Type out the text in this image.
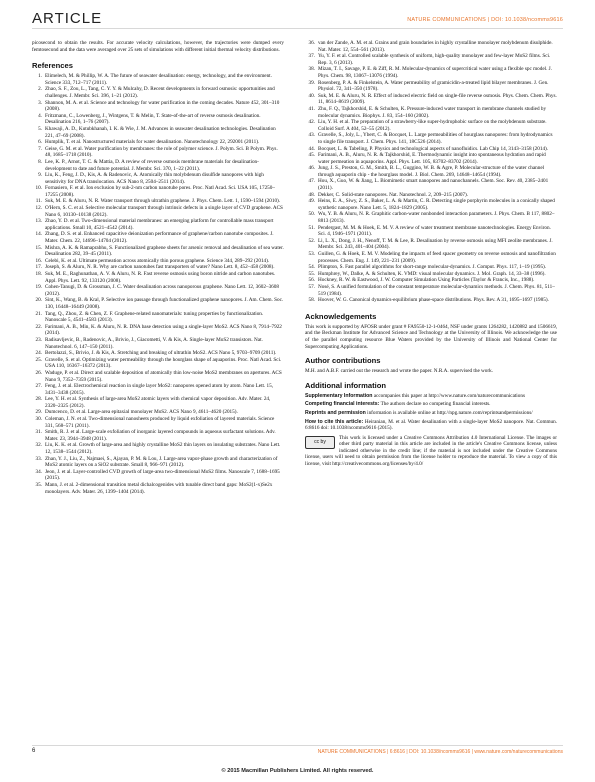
ARTICLE	NATURE COMMUNICATIONS | DOI: 10.1038/ncomms9616

picosecond to obtain the results. For accurate velocity calculations, however, the trajectories were dumped every femtosecond and the data were averaged over 25 sets of simulations with different initial thermal velocity distributions.

References
1. Elimelech, M. & Phillip, W. A. The future of seawater desalination: energy, technology, and the environment. Science 333, 712–717 (2011).
2. Zhao, S. F., Zou, L., Tang, C. Y. Y. & Mulcahy, D. Recent developments in forward osmosis: opportunities and challenges. J. Membr. Sci. 396, 1–21 (2012).
3. Shannon, M. A. et al. Science and technology for water purification in the coming decades. Nature 452, 301–310 (2008).
4. Fritzmann, C., Lowenberg, J., Wintgens, T. & Melin, T. State-of-the-art of reverse osmosis desalination. Desalination 216, 1–76 (2007).
5. Khawaji, A. D., Kutubkhanah, I. K. & Wie, J. M. Advances in seawater desalination technologies. Desalination 221, 47–69 (2008).
6. Humplik, T. et al. Nanostructured materials for water desalination. Nanotechnology 22, 292001 (2011).
7. Geise, G. M. et al. Water purification by membranes: the role of polymer science. J. Polym. Sci. B Polym. Phys. 48, 1685–1718 (2010).
8. Lee, K. P., Arnot, T. C. & Mattia, D. A review of reverse osmosis membrane materials for desalination-development to date and future potential. J. Membr. Sci. 370, 1–22 (2011).
9. Liu, K., Feng, J. D., Kis, A. & Radenovic, A. Atomically thin molybdenum disulfide nanopores with high sensitivity for DNA translocation. ACS Nano 8, 2504–2511 (2014).
10. Fornasiero, F. et al. Ion exclusion by sub-2-nm carbon nanotube pores. Proc. Natl Acad. Sci. USA 105, 17250–17255 (2008).
11. Suk, M. E. & Aluru, N. R. Water transport through ultrathin graphene. J. Phys. Chem. Lett. 1, 1590–1594 (2010).
12. O'Hern, S. C. et al. Selective molecular transport through intrinsic defects in a single layer of CVD graphene. ACS Nano 6, 10130–10138 (2012).
13. Zhao, Y. D. et al. Two-dimensional material membranes: an emerging platform for controllable mass transport applications. Small 10, 4521–4542 (2014).
14. Zhang, D. S. et al. Enhanced capacitive deionization performance of graphene/carbon nanotube composites. J. Mater. Chem. 22, 14696–14704 (2012).
15. Mishra, A. K. & Ramaprabhu, S. Functionalized graphene sheets for arsenic removal and desalination of sea water. Desalination 282, 39–45 (2011).
16. Celebi, K. et al. Ultimate permeation across atomically thin porous graphene. Science 344, 289–292 (2014).
17. Joseph, S. & Aluru, N. R. Why are carbon nanotubes fast transporters of water? Nano Lett. 8, 452–458 (2008).
18. Suk, M. E., Raghunathan, A. V. & Aluru, N. R. Fast reverse osmosis using boron nitride and carbon nanotubes. Appl. Phys. Lett. 92, 133120 (2008).
19. Cohen-Tanugi, D. & Grossman, J. C. Water desalination across nanoporous graphene. Nano Lett. 12, 3602–3608 (2012).
20. Sint, K., Wang, B. & Kral, P. Selective ion passage through functionalized graphene nanopores. J. Am. Chem. Soc. 130, 16448–16449 (2008).
21. Tang, Q., Zhou, Z. & Chen, Z. F. Graphene-related nanomaterials: tuning properties by functionalization. Nanoscale 5, 4541–4583 (2013).
22. Farimani, A. B., Min, K. & Aluru, N. R. DNA base detection using a single-layer MoS2. ACS Nano 8, 7914–7922 (2014).
23. Radisavljevic, B., Radenovic, A., Brivio, J., Giacometti, V. & Kis, A. Single-layer MoS2 transistors. Nat. Nanotechnol. 6, 147–150 (2011).
24. Bertolazzi, S., Brivio, J. & Kis, A. Stretching and breaking of ultrathin MoS2. ACS Nano 5, 9703–9709 (2011).
25. Gravelle, S. et al. Optimizing water permeability through the hourglass shape of aquaporins. Proc. Natl Acad. Sci. USA 110, 16367–16372 (2013).
26. Waduge, P. et al. Direct and scalable deposition of atomically thin low-noise MoS2 membranes on apertures. ACS Nano 9, 7352–7359 (2015).
27. Feng, J. et al. Electrochemical reaction in single layer MoS2: nanopores opened atom by atom. Nano Lett. 15, 3431–3438 (2015).
28. Lee, Y. H. et al. Synthesis of large-area MoS2 atomic layers with chemical vapor deposition. Adv. Mater. 24, 2320–2325 (2012).
29. Dumcenco, D. et al. Large-area epitaxial monolayer MoS2. ACS Nano 9, 4611–4620 (2015).
30. Coleman, J. N. et al. Two-dimensional nanosheets produced by liquid exfoliation of layered materials. Science 331, 568–571 (2011).
31. Smith, R. J. et al. Large-scale exfoliation of inorganic layered compounds in aqueous surfactant solutions. Adv. Mater. 23, 3944–3948 (2011).
32. Liu, K. K. et al. Growth of large-area and highly crystalline MoS2 thin layers on insulating substrates. Nano Lett. 12, 1538–1544 (2012).
33. Zhan, Y. J., Liu, Z., Najmaei, S., Ajayan, P. M. & Lou, J. Large-area vapor-phase growth and characterization of MoS2 atomic layers on a SiO2 substrate. Small 8, 966–971 (2012).
34. Jeon, J. et al. Layer-controlled CVD growth of large-area two-dimensional MoS2 films. Nanoscale 7, 1688–1695 (2015).
35. Mann, J. et al. 2-dimensional transition metal dichalcogenides with tunable direct band gaps: MoS2(1-x)Se2x monolayers. Adv. Mater. 26, 1399–1404 (2014).
36. van der Zande, A. M. et al. Grains and grain boundaries in highly crystalline monolayer molybdenum disulphide. Nat. Mater. 12, 554–561 (2013).
37. Yu, Y. F. et al. Controlled scalable synthesis of uniform, high-quality monolayer and few-layer MoS2 films. Sci. Rep. 3, 6 (2013).
38. Mizan, T. I., Savage, P. E. & Ziff, R. M. Molecular-dynamics of supercritical water using a flexible spc model. J. Phys. Chem. 98, 13067–13076 (1994).
39. Rosenberg, P. A. & Finkelstein, A. Water permeability of gramicidin-a-treated lipid bilayer membranes. J. Gen. Physiol. 72, 341–350 (1978).
40. Suk, M. E. & Aluru, N. R. Effect of induced electric field on single-file reverse osmosis. Phys. Chem. Chem. Phys. 11, 8614–8619 (2009).
41. Zhu, F. Q., Tajkhorshid, E. & Schulten, K. Pressure-induced water transport in membrane channels studied by molecular dynamics. Biophys. J. 83, 154–160 (2002).
42. Liu, Y. H. et al. The preparation of a strawberry-like super-hydrophobic surface on the molybdenum substrate. Colloid Surf. A 404, 52–55 (2012).
43. Gravelle, S., Joly, L., Ybert, C. & Bocquet, L. Large permeabilities of hourglass nanopores: from hydrodynamics to single file transport. J. Chem. Phys. 141, 18C526 (2014).
44. Bocquet, L. & Tabeling, P. Physics and technological aspects of nanofluidics. Lab Chip 14, 3143–3158 (2014).
45. Farimani, A. B., Aluru, N. R. & Tajkhorshid, E. Thermodynamic insight into spontaneous hydration and rapid water permeation in aquaporins. Appl. Phys. Lett. 105, 83702–83702 (2014).
46. Jung, J. S., Preston, G. M., Smith, B. L., Guggino, W. B. & Agre, P. Molecular-structure of the water channel through aquaporin chip - the hourglass model. J. Biol. Chem. 269, 14648–14654 (1994).
47. Hou, X., Guo, W. & Jiang, L. Biomimetic smart nanopores and nanochannels. Chem. Soc. Rev. 40, 2385–2401 (2011).
48. Dekker, C. Solid-state nanopores. Nat. Nanotechnol. 2, 209–215 (2007).
49. Heins, E. A., Siwy, Z. S., Baker, L. A. & Martin, C. R. Detecting single porphyrin molecules in a conically shaped synthetic nanopore. Nano Lett. 5, 1824–1829 (2005).
50. Wu, Y. B. & Aluru, N. R. Graphitic carbon-water nonbonded interaction parameters. J. Phys. Chem. B 117, 8802–8813 (2013).
51. Pendergast, M. M. & Hoek, E. M. V. A review of water treatment membrane nanotechnologies. Energy Environ. Sci. 4, 1946–1971 (2011).
52. Li, L. X., Dong, J. H., Nenoff, T. M. & Lee, R. Desalination by reverse osmosis using MFI zeolite membranes. J. Membr. Sci. 243, 401–404 (2004).
53. Guillen, G. & Hoek, E. M. V. Modeling the impacts of feed spacer geometry on reverse osmosis and nanofiltration processes. Chem. Eng. J. 149, 221–231 (2009).
54. Plimpton, S. Fast parallel algorithms for short-range molecular-dynamics. J. Comput. Phys. 117, 1–19 (1995).
55. Humphrey, W., Dalke, A. & Schulten, K. VMD: visual molecular dynamics. J. Mol. Graph. 14, 33–38 (1996).
56. Hockney, R. W. & Eastwood, J. W. Computer Simulation Using Particles (Taylor & Francis, Inc., 1988).
57. Nosé, S. A unified formulation of the constant temperature molecular-dynamics methods. J. Chem. Phys. 81, 511–519 (1984).
58. Hoover, W. G. Canonical dynamics-equilibrium phase-space distributions. Phys. Rev. A 31, 1695–1697 (1985).
Acknowledgements

This work is supported by AFOSR under grant # FA9550-12-1-0464, NSF under grants 1264282, 1420882 and 1506619, and the Beckman Institute for Advanced Science and Technology at the University of Illinois. We acknowledge the use of the parallel computing resource Blue Waters provided by the University of Illinois and National Center for Supercomputing Applications.

Author contributions

M.H. and A.B.F. carried out the research and wrote the paper. N.R.A. supervised the work.

Additional information

Supplementary Information accompanies this paper at http://www.nature.com/naturecommunications

Competing financial interests: The authors declare no competing financial interests.

Reprints and permission information is available online at http://npg.nature.com/reprintsandpermissions/

How to cite this article: Heiranian, M. et al. Water desalination with a single-layer MoS2 nanopore. Nat. Commun. 6:8616 doi: 10.1038/ncomms9616 (2015).

cc by

This work is licensed under a Creative Commons Attribution 4.0 International License. The images or other third party material in this article are included in the article's Creative Commons license, unless indicated otherwise in the credit line; if the material is not included under the Creative Commons license, users will need to obtain permission from the license holder to reproduce the material. To view a copy of this license, visit http://creativecommons.org/licenses/by/4.0/

6	NATURE COMMUNICATIONS | 6:8616 | DOI: 10.1038/ncomms9616 | www.nature.com/naturecommunications
© 2015 Macmillan Publishers Limited. All rights reserved.
